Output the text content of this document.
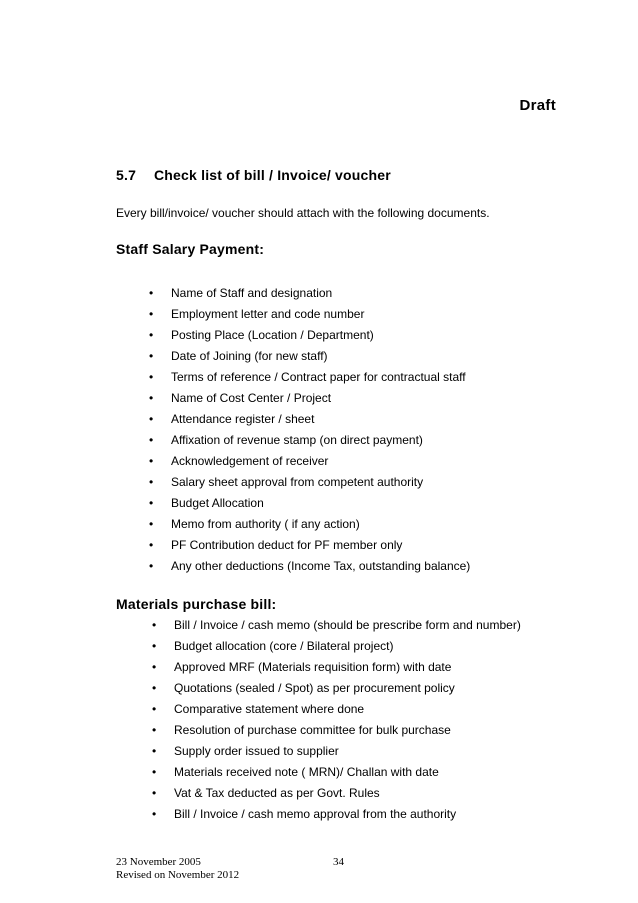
Draft
5.7 Check list of bill / Invoice/ voucher
Every bill/invoice/ voucher should attach with the following documents.
Staff Salary Payment:
• Name of Staff and designation
• Employment letter and code number
• Posting Place (Location / Department)
• Date of Joining (for new staff)
• Terms of reference / Contract paper for contractual staff
• Name of Cost Center / Project
• Attendance register / sheet
• Affixation of revenue stamp (on direct payment)
• Acknowledgement of receiver
• Salary sheet approval from competent authority
• Budget Allocation
• Memo from authority ( if any action)
• PF Contribution deduct for PF member only
• Any other deductions (Income Tax, outstanding balance)
Materials purchase bill:
• Bill / Invoice / cash memo (should be prescribe form and number)
• Budget allocation (core / Bilateral project)
• Approved MRF (Materials requisition form) with date
• Quotations (sealed / Spot) as per procurement policy
• Comparative statement where done
• Resolution of purchase committee for bulk purchase
• Supply order issued to supplier
• Materials received note ( MRN)/ Challan with date
• Vat & Tax deducted as per Govt. Rules
• Bill / Invoice / cash memo approval from the authority
23 November 2005
Revised on November 2012
34
